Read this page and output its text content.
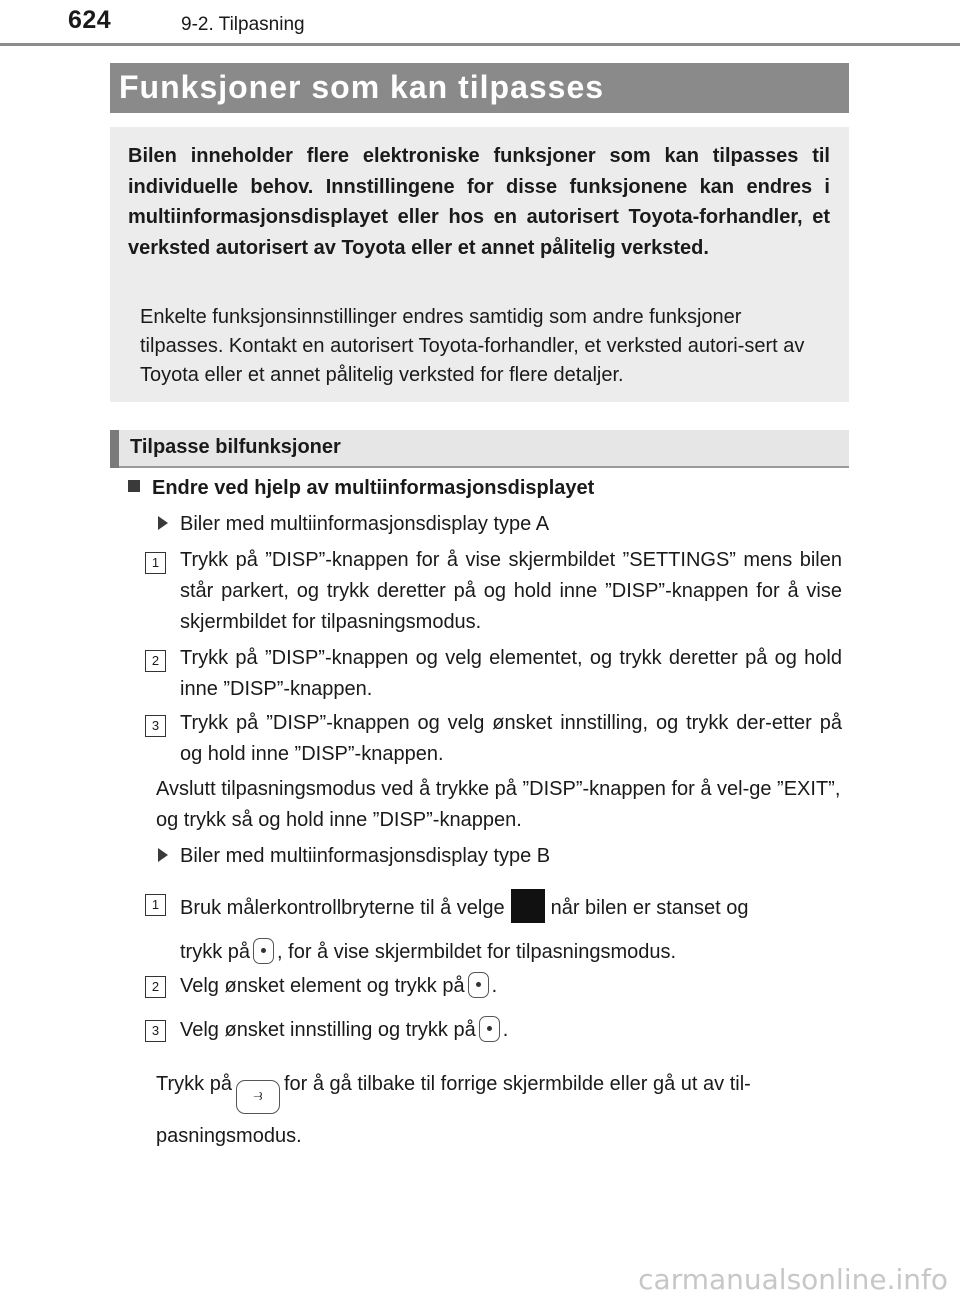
624	9-2. Tilpasning
Funksjoner som kan tilpasses
Bilen inneholder flere elektroniske funksjoner som kan tilpasses til individuelle behov. Innstillingene for disse funksjonene kan endres i multiinformasjonsdisplayet eller hos en autorisert Toyota-forhandler, et verksted autorisert av Toyota eller et annet pålitelig verksted.
Enkelte funksjonsinnstillinger endres samtidig som andre funksjoner tilpasses. Kontakt en autorisert Toyota-forhandler, et verksted autori-sert av Toyota eller et annet pålitelig verksted for flere detaljer.
Tilpasse bilfunksjoner
Endre ved hjelp av multiinformasjonsdisplayet
Biler med multiinformasjonsdisplay type A
1	Trykk på ”DISP”-knappen for å vise skjermbildet ”SETTINGS” mens bilen står parkert, og trykk deretter på og hold inne ”DISP”-knappen for å vise skjermbildet for tilpasningsmodus.
2	Trykk på ”DISP”-knappen og velg elementet, og trykk deretter på og hold inne ”DISP”-knappen.
3	Trykk på ”DISP”-knappen og velg ønsket innstilling, og trykk der-etter på og hold inne ”DISP”-knappen.
Avslutt tilpasningsmodus ved å trykke på ”DISP”-knappen for å vel-ge ”EXIT”, og trykk så og hold inne ”DISP”-knappen.
Biler med multiinformasjonsdisplay type B
1	Bruk målerkontrollbryterne til å velge når bilen er stanset og
trykk på , for å vise skjermbildet for tilpasningsmodus.
2	Velg ønsket element og trykk på .
3	Velg ønsket innstilling og trykk på .
Trykk på⥽for å gå tilbake til forrige skjermbilde eller gå ut av til-
pasningsmodus.
carmanualsonline.info
